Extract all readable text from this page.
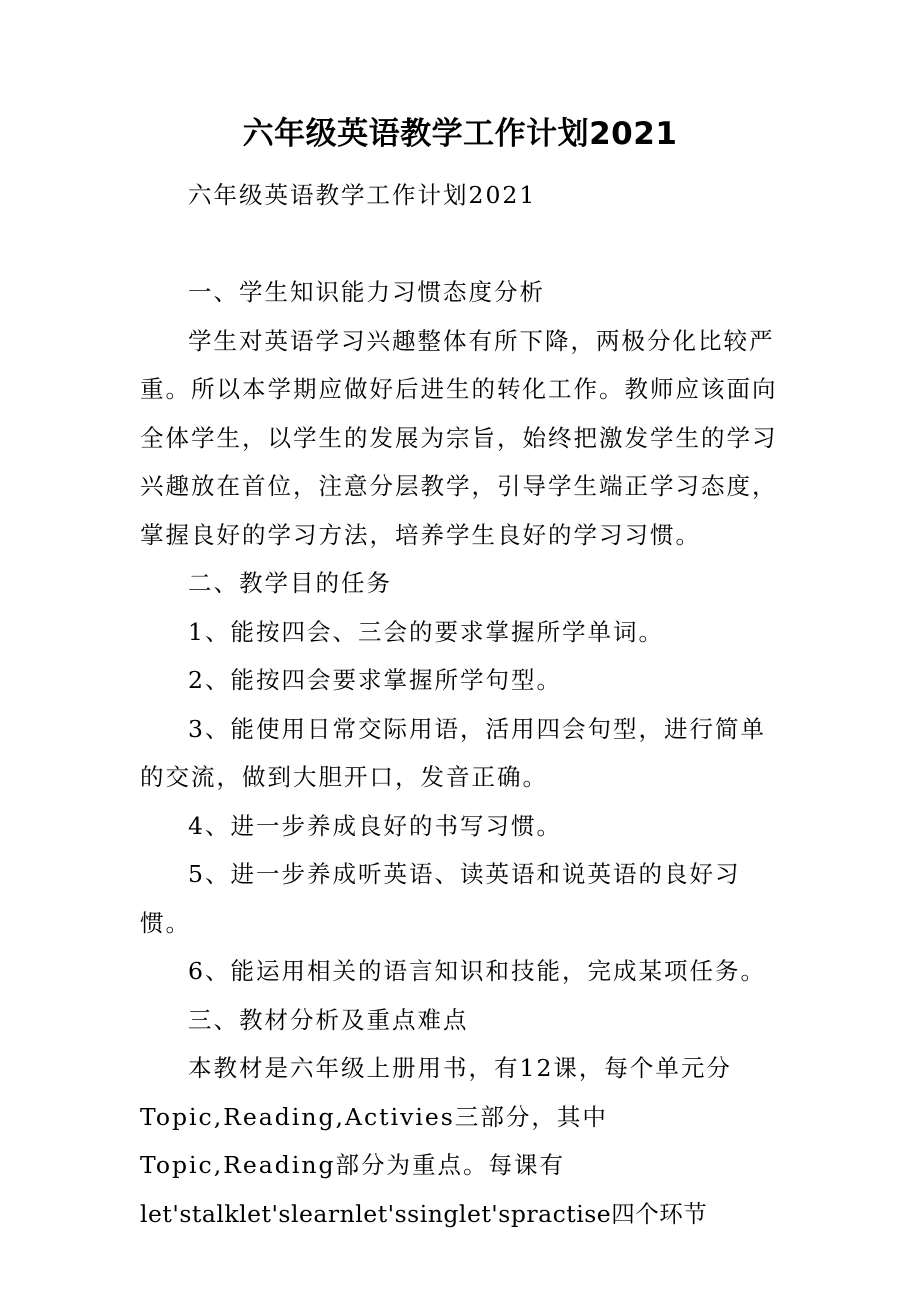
六年级英语教学工作计划2021

六年级英语教学工作计划2021

一、学生知识能力习惯态度分析

学生对英语学习兴趣整体有所下降，两极分化比较严重。所以本学期应做好后进生的转化工作。教师应该面向全体学生，以学生的发展为宗旨，始终把激发学生的学习兴趣放在首位，注意分层教学，引导学生端正学习态度，掌握良好的学习方法，培养学生良好的学习习惯。

二、教学目的任务

1、能按四会、三会的要求掌握所学单词。

2、能按四会要求掌握所学句型。

3、能使用日常交际用语，活用四会句型，进行简单的交流，做到大胆开口，发音正确。

4、进一步养成良好的书写习惯。

5、进一步养成听英语、读英语和说英语的良好习惯。

6、能运用相关的语言知识和技能，完成某项任务。

三、教材分析及重点难点

本教材是六年级上册用书，有12课，每个单元分Topic,Reading,Activies三部分，其中Topic,Reading部分为重点。每课有

let'stalklet'slearnlet'ssinglet'spractise四个环节
